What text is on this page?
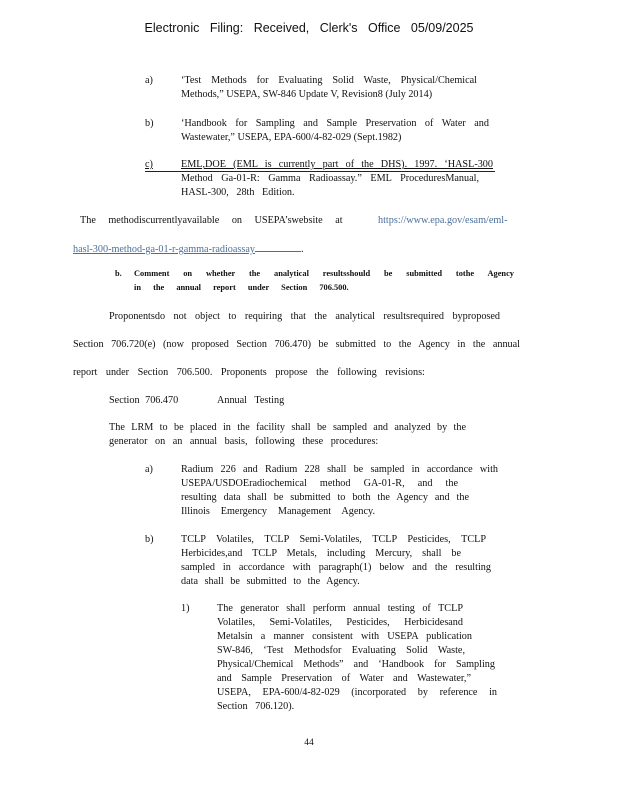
Electronic Filing: Received, Clerk's Office 05/09/2025
a)	‘Test Methods for Evaluating Solid Waste, Physical/Chemical Methods,” USEPA, SW-846 Update V, Revision8 (July 2014)
b)	‘Handbook for Sampling and Sample Preservation of Water and Wastewater,” USEPA, EPA-600/4-82-029 (Sept.1982)
c)	EML,DOE (EML is currently part of the DHS). 1997. ‘HASL-300
Method Ga-01-R: Gamma Radioassay.” EML ProceduresManual,
HASL-300, 28th Edition.
The methodiscurrentlyavailable on USEPA’swebsite at	https://www.epa.gov/esam/eml-
hasl-300-method-ga-01-r-gamma-radioassay	.
b. Comment on whether the analytical resultsshould be submitted tothe Agency
in the annual report under Section 706.500.
Proponentsdo not object to requiring that the analytical resultsrequired byproposed
Section 706.720(e) (now proposed Section 706.470) be submitted to the Agency in the annual
report under Section 706.500. Proponents propose the following revisions:
Section 706.470	Annual Testing
The LRM to be placed in the facility shall be sampled and analyzed by the
generator on an annual basis, following these procedures:
a)	Radium 226 and Radium 228 shall be sampled in accordance with
USEPA/USDOEradiochemical method GA-01-R, and the
resulting data shall be submitted to both the Agency and the
Illinois Emergency Management Agency.
b)	TCLP Volatiles, TCLP Semi-Volatiles, TCLP Pesticides, TCLP
Herbicides,and TCLP Metals, including Mercury, shall be
sampled in accordance with paragraph(1) below and the resulting
data shall be submitted to the Agency.
1)	The generator shall perform annual testing of TCLP
Volatiles, Semi-Volatiles, Pesticides, Herbicidesand
Metalsin a manner consistent with USEPA publication
SW-846, ‘Test Methodsfor Evaluating Solid Waste,
Physical/Chemical Methods” and ‘Handbook for Sampling
and Sample Preservation of Water and Wastewater,”
USEPA, EPA-600/4-82-029 (incorporated by reference in
Section 706.120).
44
